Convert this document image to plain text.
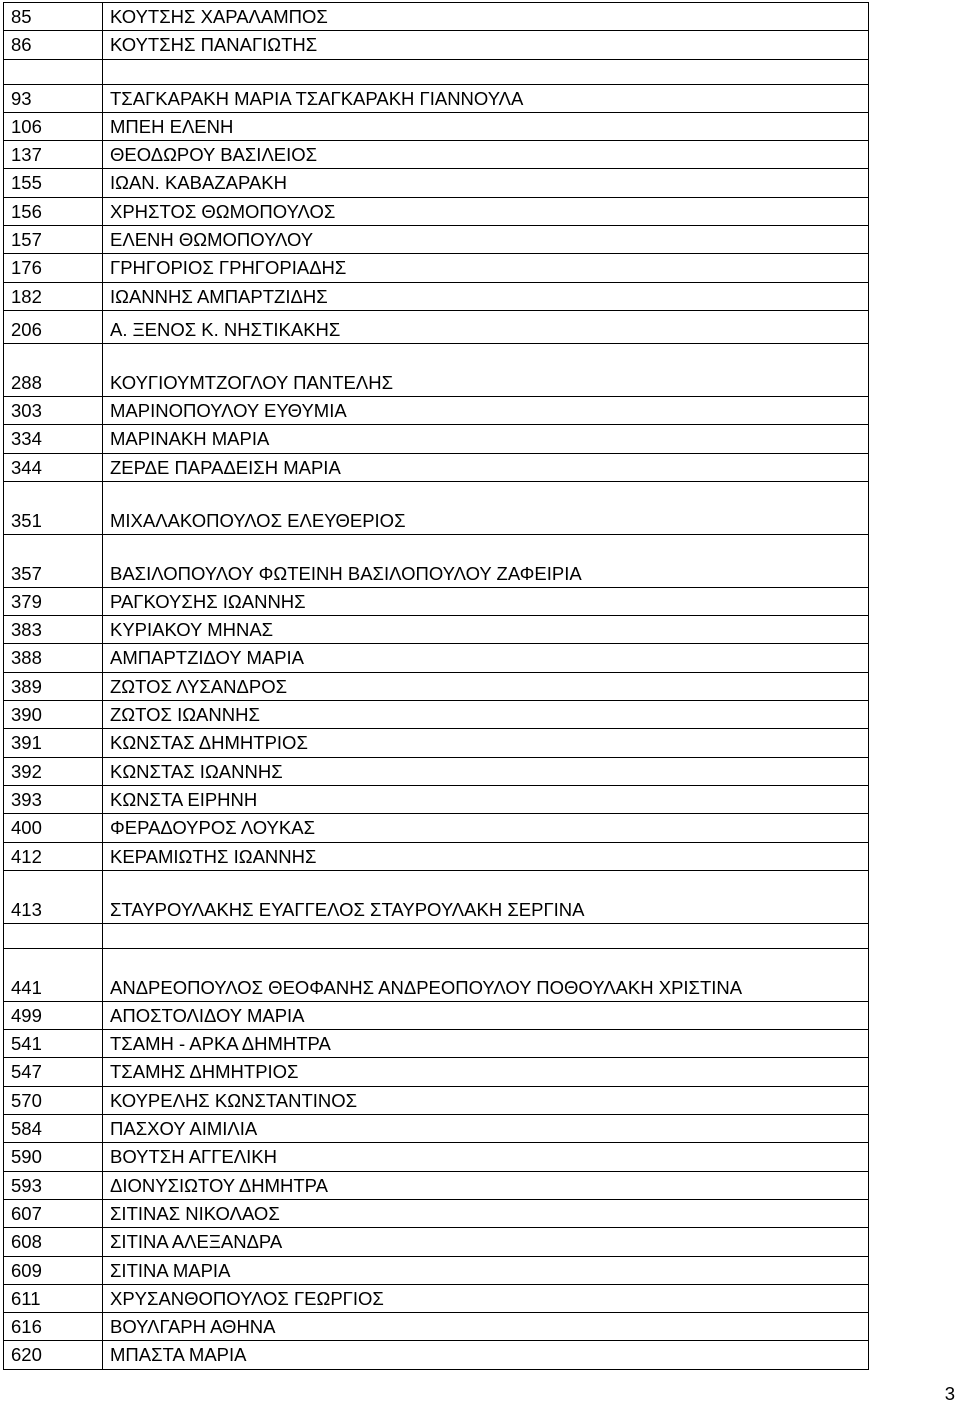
85	ΚΟΥΤΣΗΣ ΧΑΡΑΛΑΜΠΟΣ
86	ΚΟΥΤΣΗΣ ΠΑΝΑΓΙΩΤΗΣ

93	ΤΣΑΓΚΑΡΑΚΗ ΜΑΡΙΑ ΤΣΑΓΚΑΡΑΚΗ ΓΙΑΝΝΟΥΛΑ
106	ΜΠΕΗ ΕΛΕΝΗ
137	ΘΕΟΔΩΡΟΥ ΒΑΣΙΛΕΙΟΣ
155	ΙΩΑΝ. ΚΑΒΑΖΑΡΑΚΗ
156	ΧΡΗΣΤΟΣ ΘΩΜΟΠΟΥΛΟΣ
157	ΕΛΕΝΗ ΘΩΜΟΠΟΥΛΟΥ
176	ΓΡΗΓΟΡΙΟΣ ΓΡΗΓΟΡΙΑΔΗΣ
182	ΙΩΑΝΝΗΣ ΑΜΠΑΡΤΖΙΔΗΣ
206	Α. ΞΕΝΟΣ Κ. ΝΗΣΤΙΚΑΚΗΣ
288	ΚΟΥΓΙΟΥΜΤΖΟΓΛΟΥ ΠΑΝΤΕΛΗΣ
303	ΜΑΡΙΝΟΠΟΥΛΟΥ ΕΥΘΥΜΙΑ
334	ΜΑΡΙΝΑΚΗ ΜΑΡΙΑ
344	ΖΕΡΔΕ ΠΑΡΑΔΕΙΣΗ ΜΑΡΙΑ
351	ΜΙΧΑΛΑΚΟΠΟΥΛΟΣ ΕΛΕΥΘΕΡΙΟΣ
357	ΒΑΣΙΛΟΠΟΥΛΟΥ ΦΩΤΕΙΝΗ ΒΑΣΙΛΟΠΟΥΛΟΥ ΖΑΦΕΙΡΙΑ
379	ΡΑΓΚΟΥΣΗΣ ΙΩΑΝΝΗΣ
383	ΚΥΡΙΑΚΟΥ ΜΗΝΑΣ
388	ΑΜΠΑΡΤΖΙΔΟΥ ΜΑΡΙΑ
389	ΖΩΤΟΣ ΛΥΣΑΝΔΡΟΣ
390	ΖΩΤΟΣ ΙΩΑΝΝΗΣ
391	ΚΩΝΣΤΑΣ ΔΗΜΗΤΡΙΟΣ
392	ΚΩΝΣΤΑΣ ΙΩΑΝΝΗΣ
393	ΚΩΝΣΤΑ ΕΙΡΗΝΗ
400	ΦΕΡΑΔΟΥΡΟΣ ΛΟΥΚΑΣ
412	ΚΕΡΑΜΙΩΤΗΣ ΙΩΑΝΝΗΣ
413	ΣΤΑΥΡΟΥΛΑΚΗΣ ΕΥΑΓΓΕΛΟΣ ΣΤΑΥΡΟΥΛΑΚΗ ΣΕΡΓΙΝΑ

441	ΑΝΔΡΕΟΠΟΥΛΟΣ ΘΕΟΦΑΝΗΣ ΑΝΔΡΕΟΠΟΥΛΟΥ ΠΟΘΟΥΛΑΚΗ ΧΡΙΣΤΙΝΑ
499	ΑΠΟΣΤΟΛΙΔΟΥ ΜΑΡΙΑ
541	ΤΣΑΜΗ - ΑΡΚΑ ΔΗΜΗΤΡΑ
547	ΤΣΑΜΗΣ ΔΗΜΗΤΡΙΟΣ
570	ΚΟΥΡΕΛΗΣ ΚΩΝΣΤΑΝΤΙΝΟΣ
584	ΠΑΣΧΟΥ ΑΙΜΙΛΙΑ
590	ΒΟΥΤΣΗ ΑΓΓΕΛΙΚΗ
593	ΔΙΟΝΥΣΙΩΤΟΥ ΔΗΜΗΤΡΑ
607	ΣΙΤΙΝΑΣ ΝΙΚΟΛΑΟΣ
608	ΣΙΤΙΝΑ ΑΛΕΞΑΝΔΡΑ
609	ΣΙΤΙΝΑ ΜΑΡΙΑ
611	ΧΡΥΣΑΝΘΟΠΟΥΛΟΣ ΓΕΩΡΓΙΟΣ
616	ΒΟΥΛΓΑΡΗ ΑΘΗΝΑ
620	ΜΠΑΣΤΑ ΜΑΡΙΑ
3
